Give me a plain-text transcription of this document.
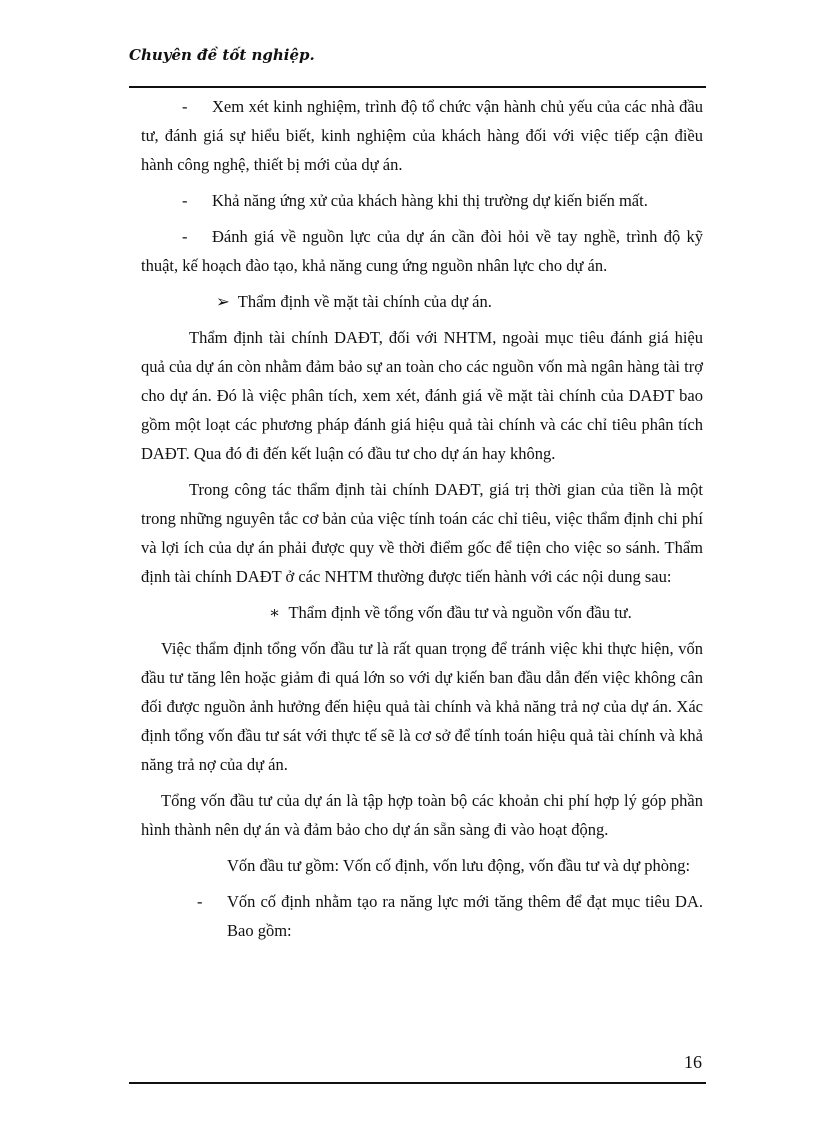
Chuyên đề tốt nghiệp.

- Xem xét kinh nghiệm, trình độ tổ chức vận hành chủ yếu của các nhà đầu tư, đánh giá sự hiểu biết, kinh nghiệm của khách hàng đối với việc tiếp cận điều hành công nghệ, thiết bị mới của dự án.

- Khả năng ứng xử của khách hàng khi thị trường dự kiến biến mất.

- Đánh giá về nguồn lực của dự án cần đòi hỏi về tay nghề, trình độ kỹ thuật, kế hoạch đào tạo, khả năng cung ứng nguồn nhân lực cho dự án.

➢ Thẩm định về mặt tài chính của dự án.

Thẩm định tài chính DAĐT, đối với NHTM, ngoài mục tiêu đánh giá hiệu quả của dự án còn nhằm đảm bảo sự an toàn cho các nguồn vốn mà ngân hàng tài trợ cho dự án. Đó là việc phân tích, xem xét, đánh giá về mặt tài chính của DAĐT bao gồm một loạt các phương pháp đánh giá hiệu quả tài chính và các chỉ tiêu phân tích DAĐT. Qua đó đi đến kết luận có đầu tư cho dự án hay không.

Trong công tác thẩm định tài chính DAĐT, giá trị thời gian của tiền là một trong những nguyên tắc cơ bản của việc tính toán các chỉ tiêu, việc thẩm định chi phí và lợi ích của dự án phải được quy về thời điểm gốc để tiện cho việc so sánh. Thẩm định tài chính DAĐT ở các NHTM thường được tiến hành với các nội dung sau:

∗ Thẩm định về tổng vốn đầu tư và nguồn vốn đầu tư.

Việc thẩm định tổng vốn đầu tư là rất quan trọng để tránh việc khi thực hiện, vốn đầu tư tăng lên hoặc giảm đi quá lớn so với dự kiến ban đầu dẫn đến việc không cân đối được nguồn ảnh hưởng đến hiệu quả tài chính và khả năng trả nợ của dự án. Xác định tổng vốn đầu tư sát với thực tế sẽ là cơ sở để tính toán hiệu quả tài chính và khả năng trả nợ của dự án.

Tổng vốn đầu tư của dự án là tập hợp toàn bộ các khoản chi phí hợp lý góp phần hình thành nên dự án và đảm bảo cho dự án sẵn sàng đi vào hoạt động.

Vốn đầu tư gồm: Vốn cố định, vốn lưu động, vốn đầu tư và dự phòng:

- Vốn cố định nhằm tạo ra năng lực mới tăng thêm để đạt mục tiêu DA. Bao gồm:

16
